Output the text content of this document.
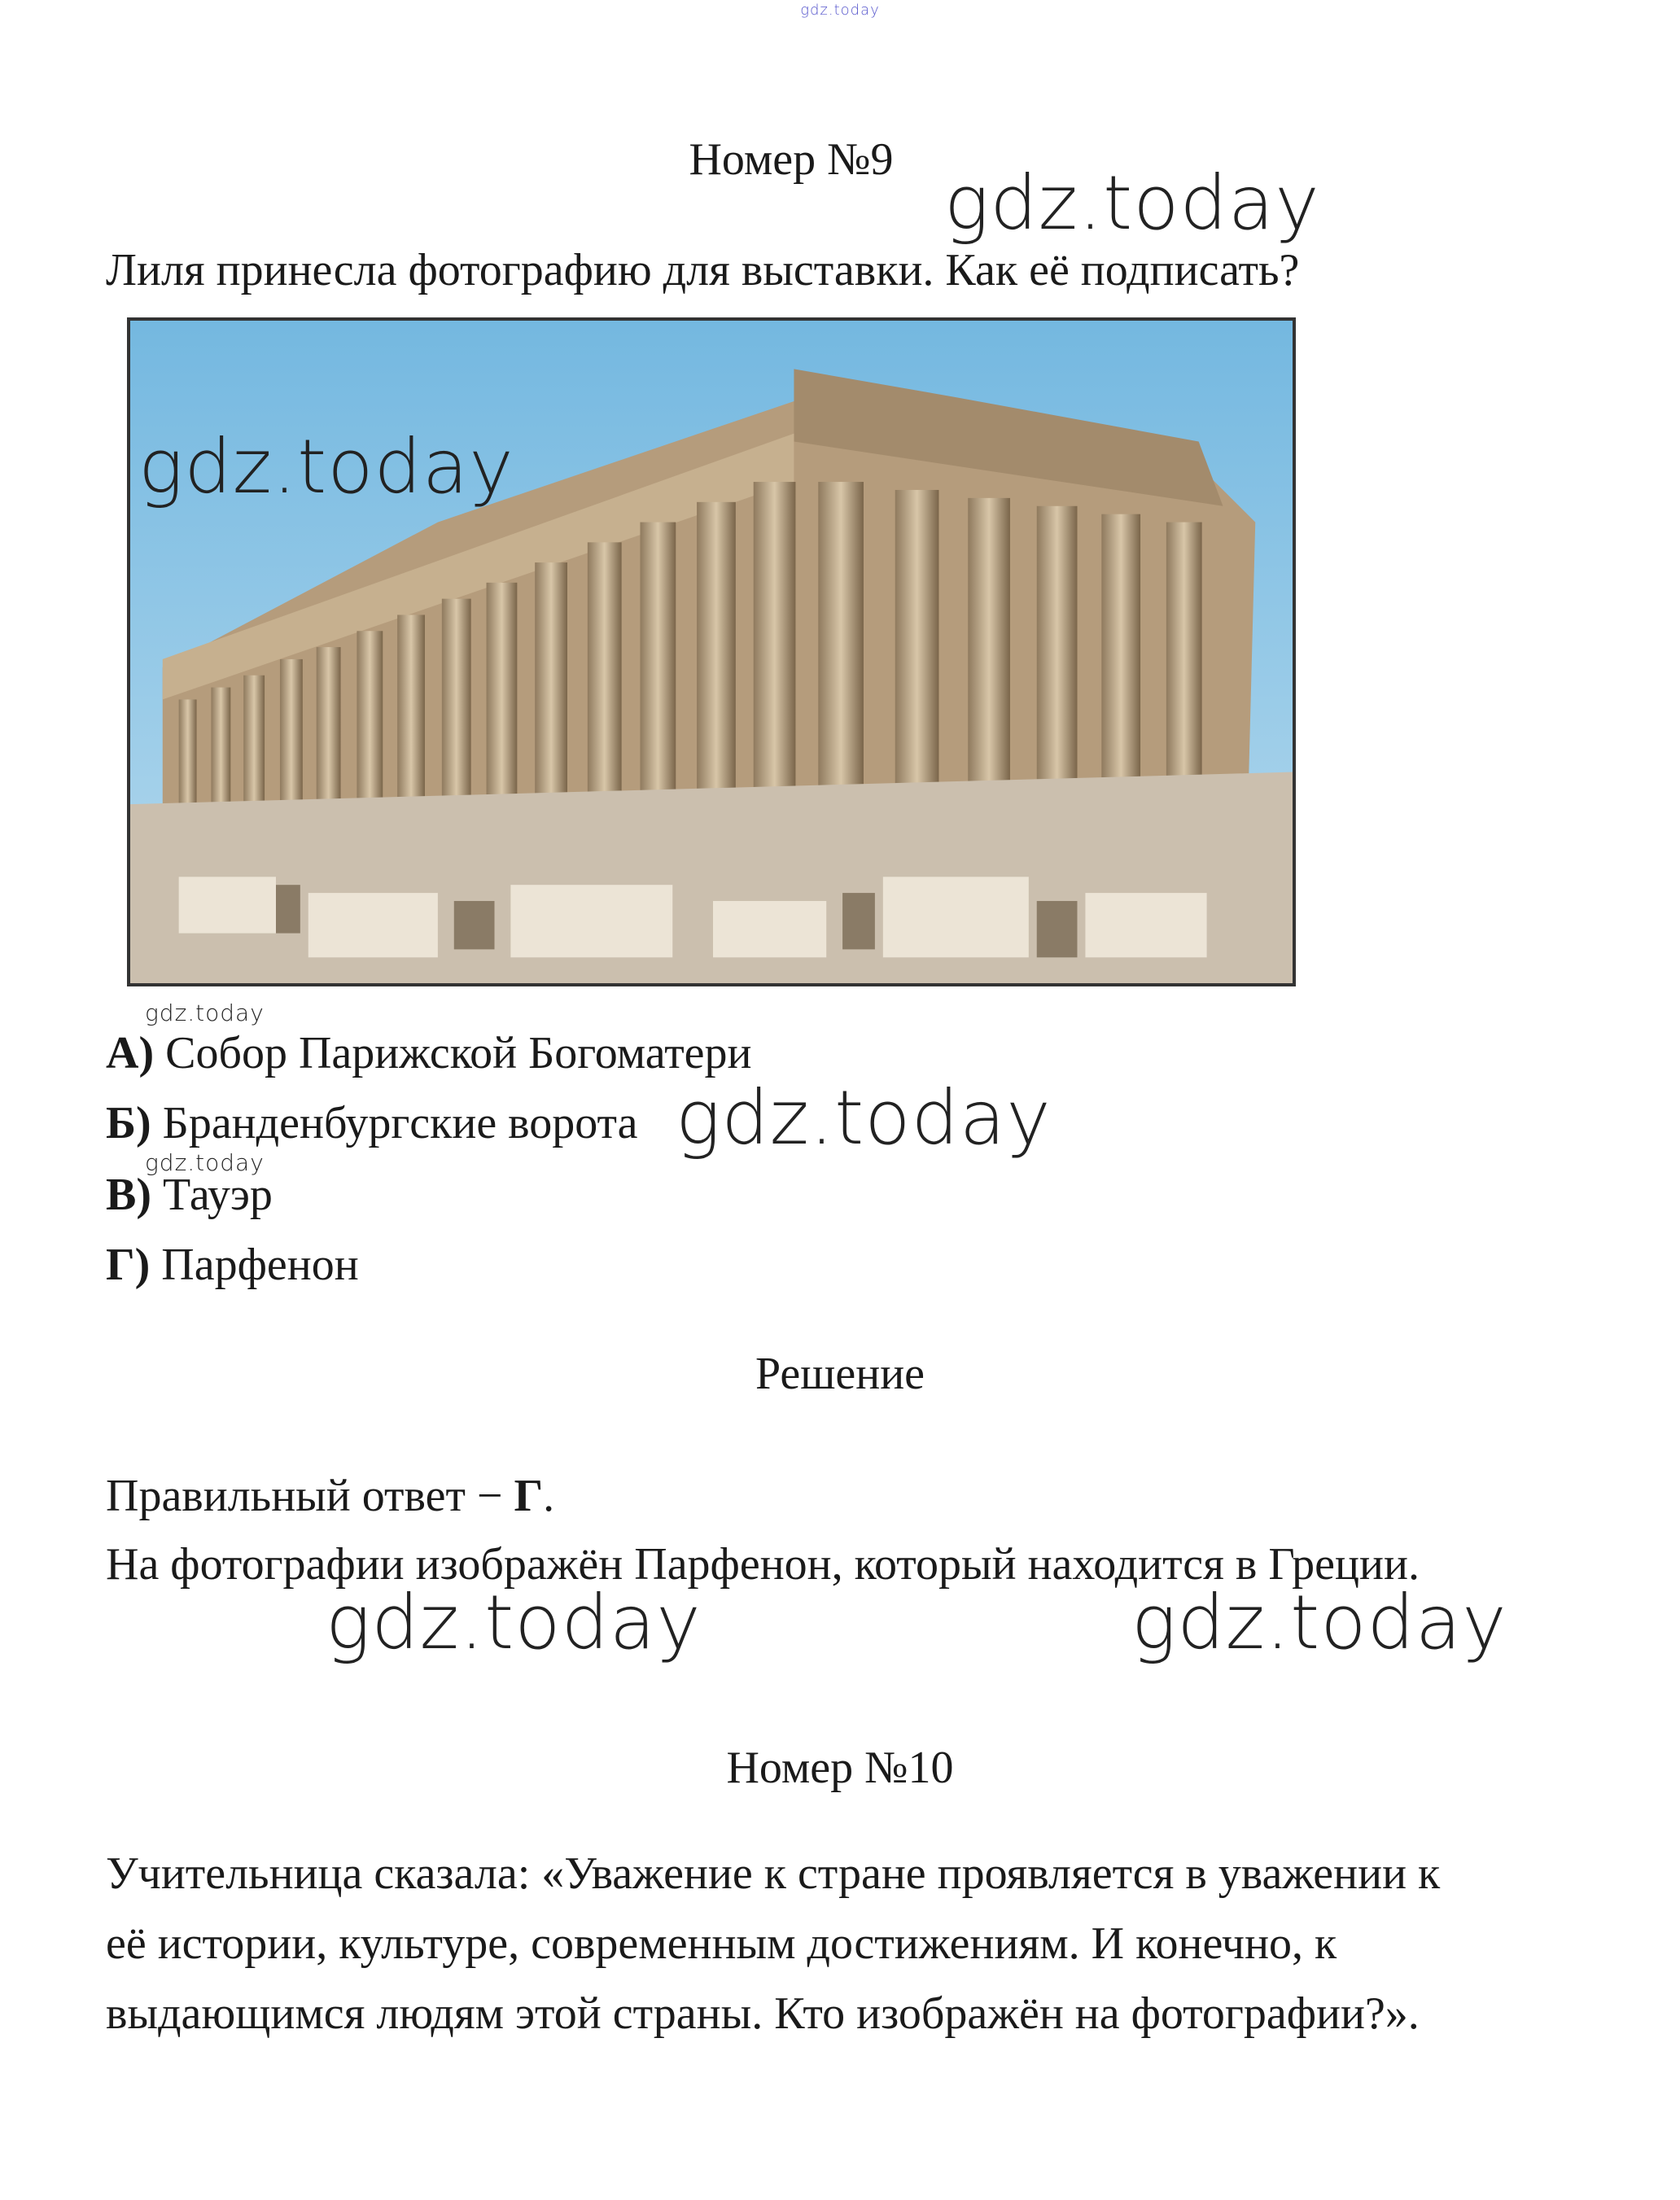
gdz.today
Номер №9 gdz.today
Лиля принесла фотографию для выставки. Как её подписать?
gdz.today
gdz.today
А) Собор Парижской Богоматери
Б) Бранденбургские ворота gdz.today
gdz.today
В) Тауэр
Г) Парфенон
Решение
Правильный ответ − Г.
На фотографии изображён Парфенон, который находится в Греции.
gdz.today	gdz.today
Номер №10
Учительница сказала: «Уважение к стране проявляется в уважении к
её истории, культуре, современным достижениям. И конечно, к
выдающимся людям этой страны. Кто изображён на фотографии?».
